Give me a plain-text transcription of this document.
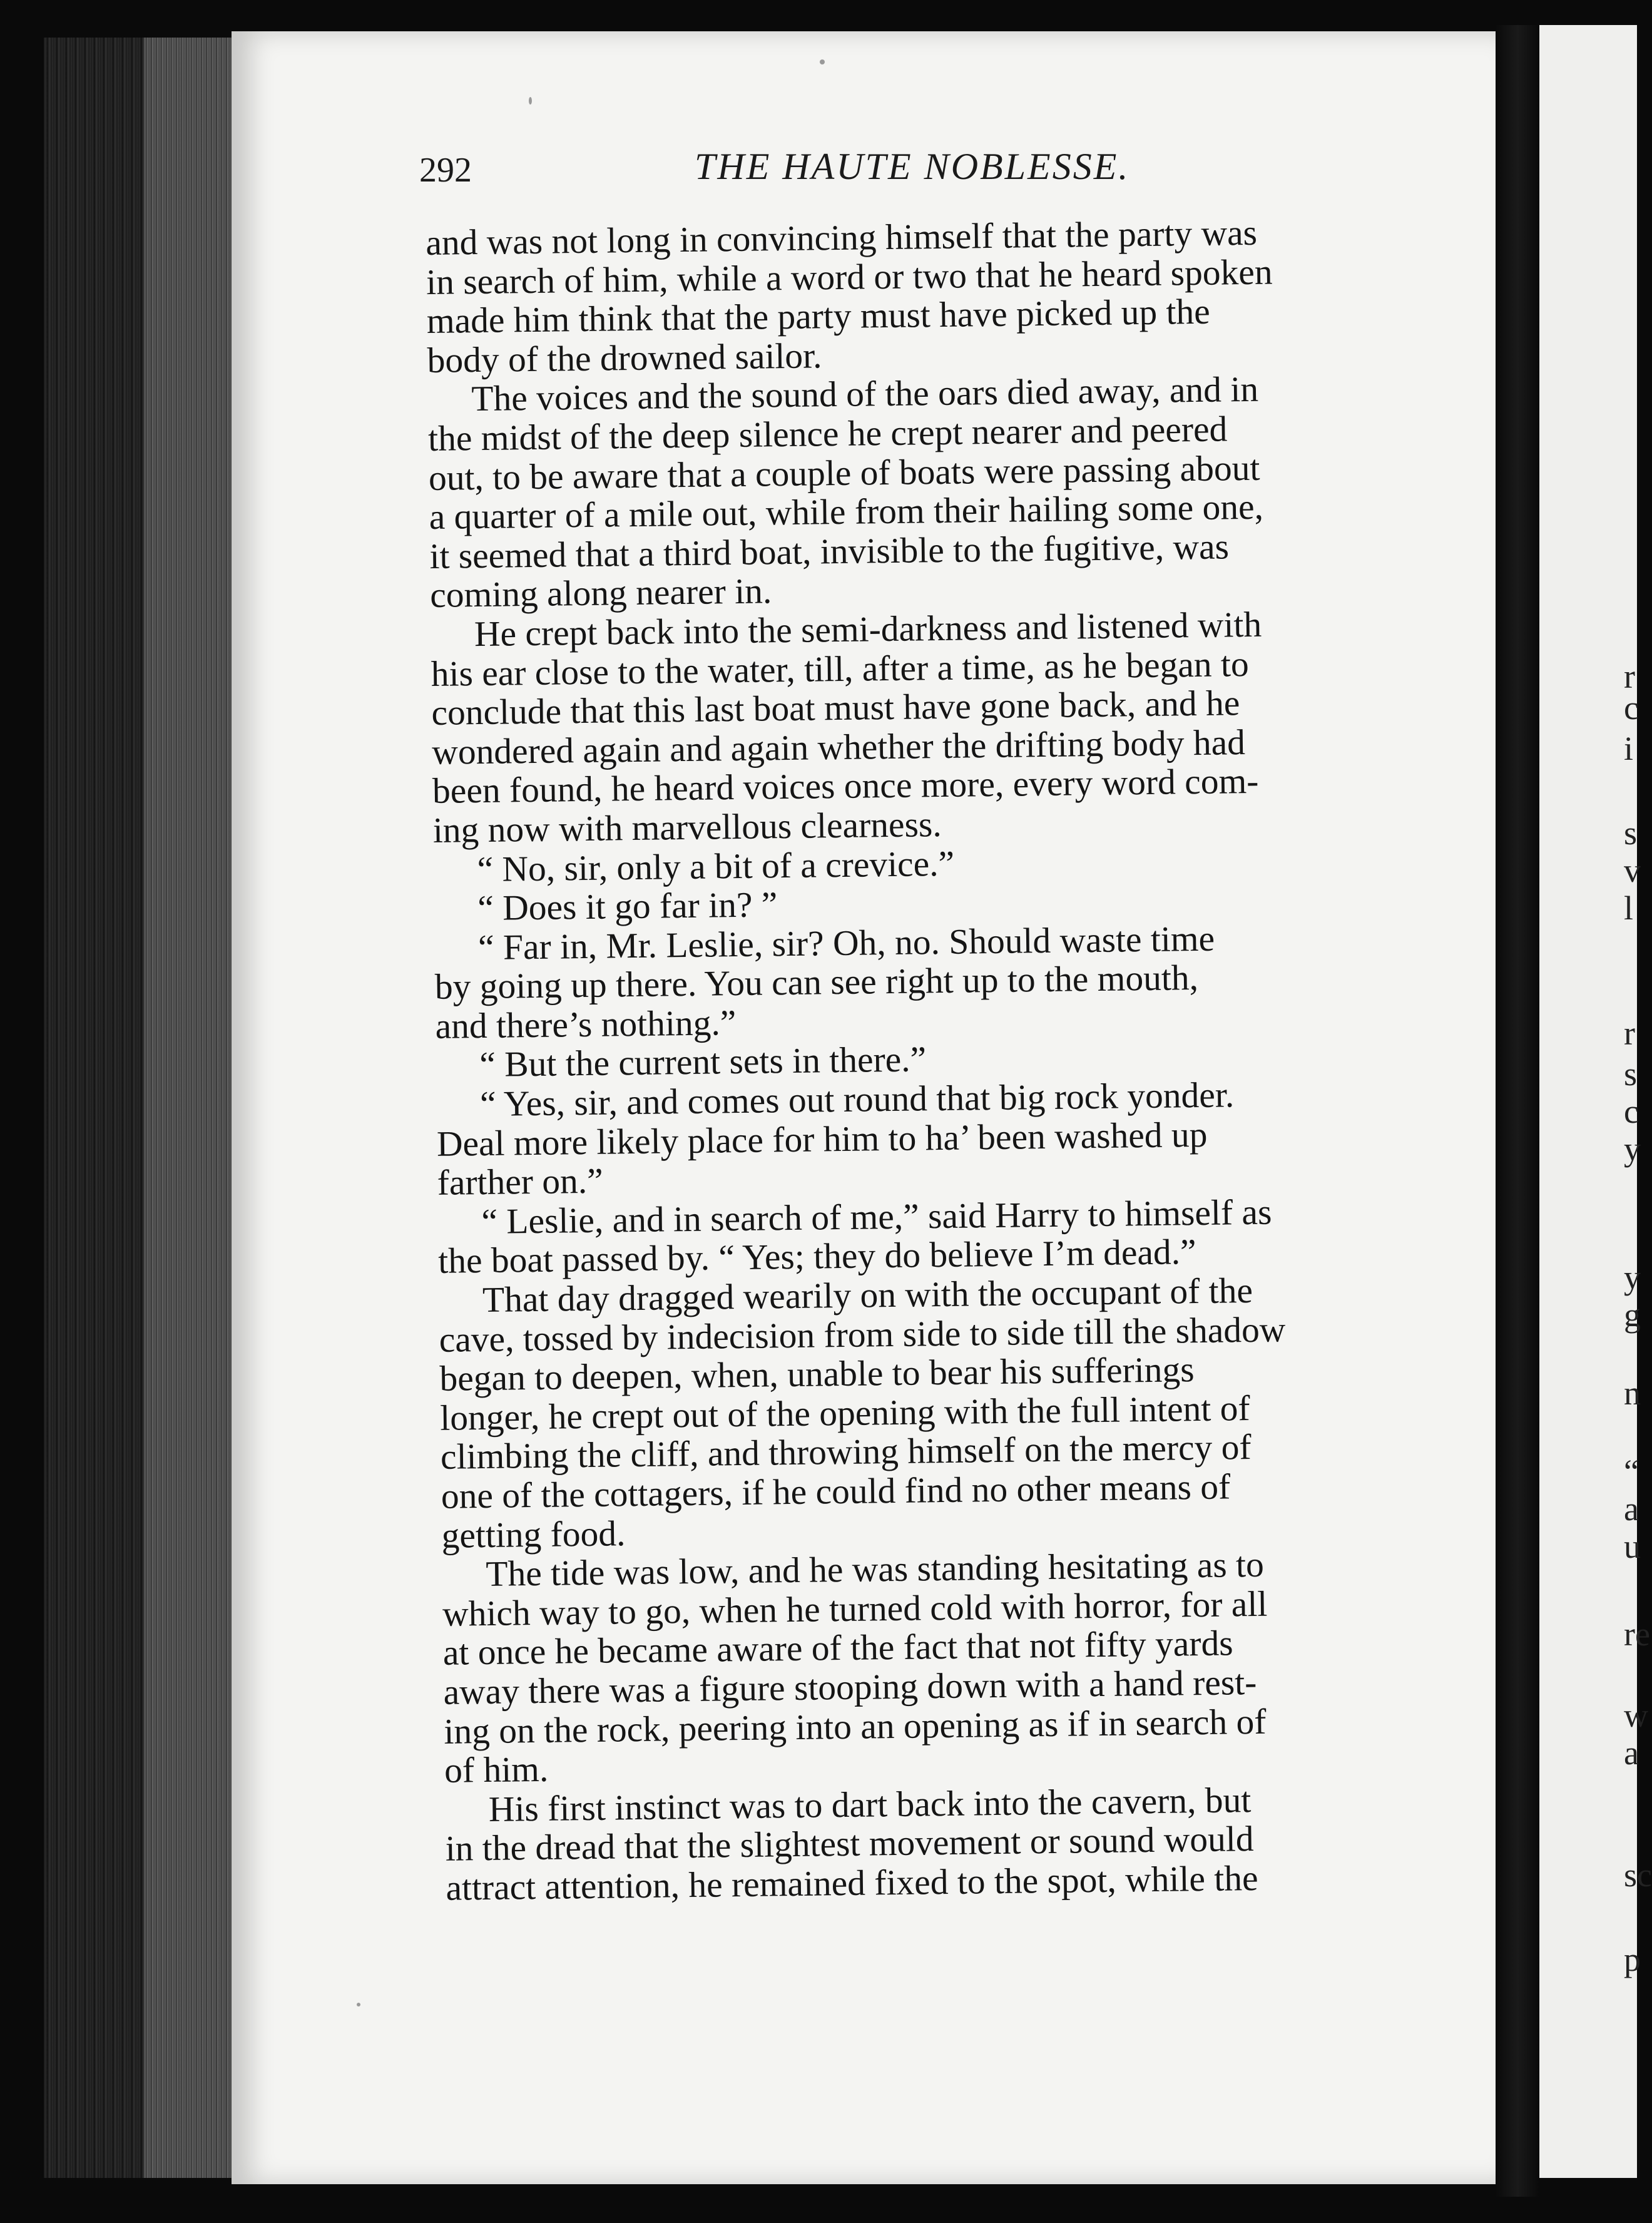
292	THE HAUTE NOBLESSE.
and was not long in convincing himself that the party was
in search of him, while a word or two that he heard spoken
made him think that the party must have picked up the
body of the drowned sailor.
The voices and the sound of the oars died away, and in
the midst of the deep silence he crept nearer and peered
out, to be aware that a couple of boats were passing about
a quarter of a mile out, while from their hailing some one,
it seemed that a third boat, invisible to the fugitive, was
coming along nearer in.
He crept back into the semi-darkness and listened with
his ear close to the water, till, after a time, as he began to
conclude that this last boat must have gone back, and he
wondered again and again whether the drifting body had
been found, he heard voices once more, every word com-
ing now with marvellous clearness.
“ No, sir, only a bit of a crevice.”
“ Does it go far in? ”
“ Far in, Mr. Leslie, sir? Oh, no. Should waste time
by going up there. You can see right up to the mouth,
and there’s nothing.”
“ But the current sets in there.”
“ Yes, sir, and comes out round that big rock yonder.
Deal more likely place for him to ha’ been washed up
farther on.”
“ Leslie, and in search of me,” said Harry to himself as
the boat passed by. “ Yes; they do believe I’m dead.”
That day dragged wearily on with the occupant of the
cave, tossed by indecision from side to side till the shadow
began to deepen, when, unable to bear his sufferings
longer, he crept out of the opening with the full intent of
climbing the cliff, and throwing himself on the mercy of
one of the cottagers, if he could find no other means of
getting food.
The tide was low, and he was standing hesitating as to
which way to go, when he turned cold with horror, for all
at once he became aware of the fact that not fifty yards
away there was a figure stooping down with a hand rest-
ing on the rock, peering into an opening as if in search of
of him.
His first instinct was to dart back into the cavern, but
in the dread that the slightest movement or sound would
attract attention, he remained fixed to the spot, while the
r
c
i
s
v
l
r
s
c
y
y
g
n
“
a
u
re
w
a
sc
p
